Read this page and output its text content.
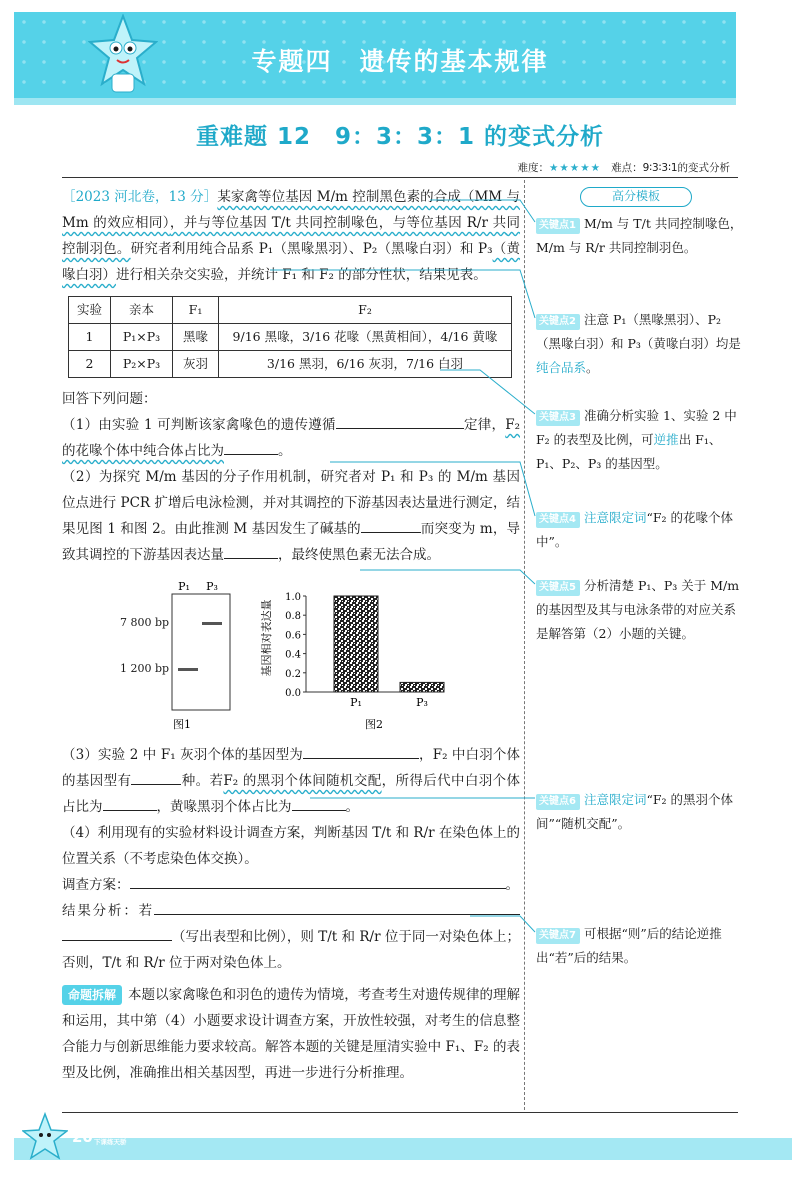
专题四　遗传的基本规律
重难题 12　9：3：3：1 的变式分析
难度：★★★★★ 难点：9∶3∶3∶1的变式分析
高分模板

［2023 河北卷，13 分］某家禽等位基因 M/m 控制黑色素的合成（MM 与Mm 的效应相同），并与等位基因 T/t 共同控制喙色，与等位基因 R/r 共同控制羽色。研究者利用纯合品系 P₁（黑喙黑羽）、P₂（黑喙白羽）和 P₃（黄喙白羽）进行相关杂交实验，并统计 F₁ 和 F₂ 的部分性状，结果见表。

实验	亲本	F₁	F₂
1	P₁×P₃	黑喙	9/16 黑喙，3/16 花喙（黑黄相间），4/16 黄喙
2	P₂×P₃	灰羽	3/16 黑羽，6/16 灰羽，7/16 白羽

回答下列问题：

（1）由实验 1 可判断该家禽喙色的遗传遵循	定律，F₂ 的花喙个体中纯合体占比为	。

（2）为探究 M/m 基因的分子作用机制，研究者对 P₁ 和 P₃ 的 M/m 基因位点进行 PCR 扩增后电泳检测，并对其调控的下游基因表达量进行测定，结果见图 1 和图 2。由此推测 M 基因发生了碱基的	而突变为 m，导致其调控的下游基因表达量	，最终使黑色素无法合成。

P₁ P₃
图1
7 800 bp
1 200 bp	基因相对表达量
0.0
0.2
0.4
0.6
0.8
1.0
P₁	P₃
图2

（3）实验 2 中 F₁ 灰羽个体的基因型为	，F₂ 中白羽个体的基因型有	种。若F₂ 的黑羽个体间随机交配，所得后代中白羽个体占比为	，黄喙黑羽个体占比为	。

（4）利用现有的实验材料设计调查方案，判断基因 T/t 和 R/r 在染色体上的位置关系（不考虑染色体交换）。

调查方案：	。

结果分析：若（写出表型和比例），则 T/t 和 R/r 位于同一对染色体上；否则，T/t 和 R/r 位于两对染色体上。

命题拆解 本题以家禽喙色和羽色的遗传为情境，考查考生对遗传规律的理解和运用，其中第（4）小题要求设计调查方案，开放性较强，对考生的信息整合能力与创新思维能力要求较高。解答本题的关键是厘清实验中 F₁、F₂ 的表型及比例，准确推出相关基因型，再进一步进行分析推理。

关键点1 M/m 与 T/t 共同控制喙色，M/m 与 R/r 共同控制羽色。
关键点2 注意 P₁（黑喙黑羽）、P₂（黑喙白羽）和 P₃（黄喙白羽）均是纯合品系。
关键点3 准确分析实验 1、实验 2 中 F₂ 的表型及比例，可逆推出 F₁、P₁、P₂、P₃ 的基因型。
关键点4 注意限定词“F₂ 的花喙个体中”。
关键点5 分析清楚 P₁、P₃ 关于 M/m 的基因型及其与电泳条带的对应关系是解答第（2）小题的关键。
关键点6 注意限定词“F₂ 的黑羽个体间”“随机交配”。
关键点7 可根据“则”后的结论逆推出“若”后的结果。
20 上着认真听
下课练天骄
